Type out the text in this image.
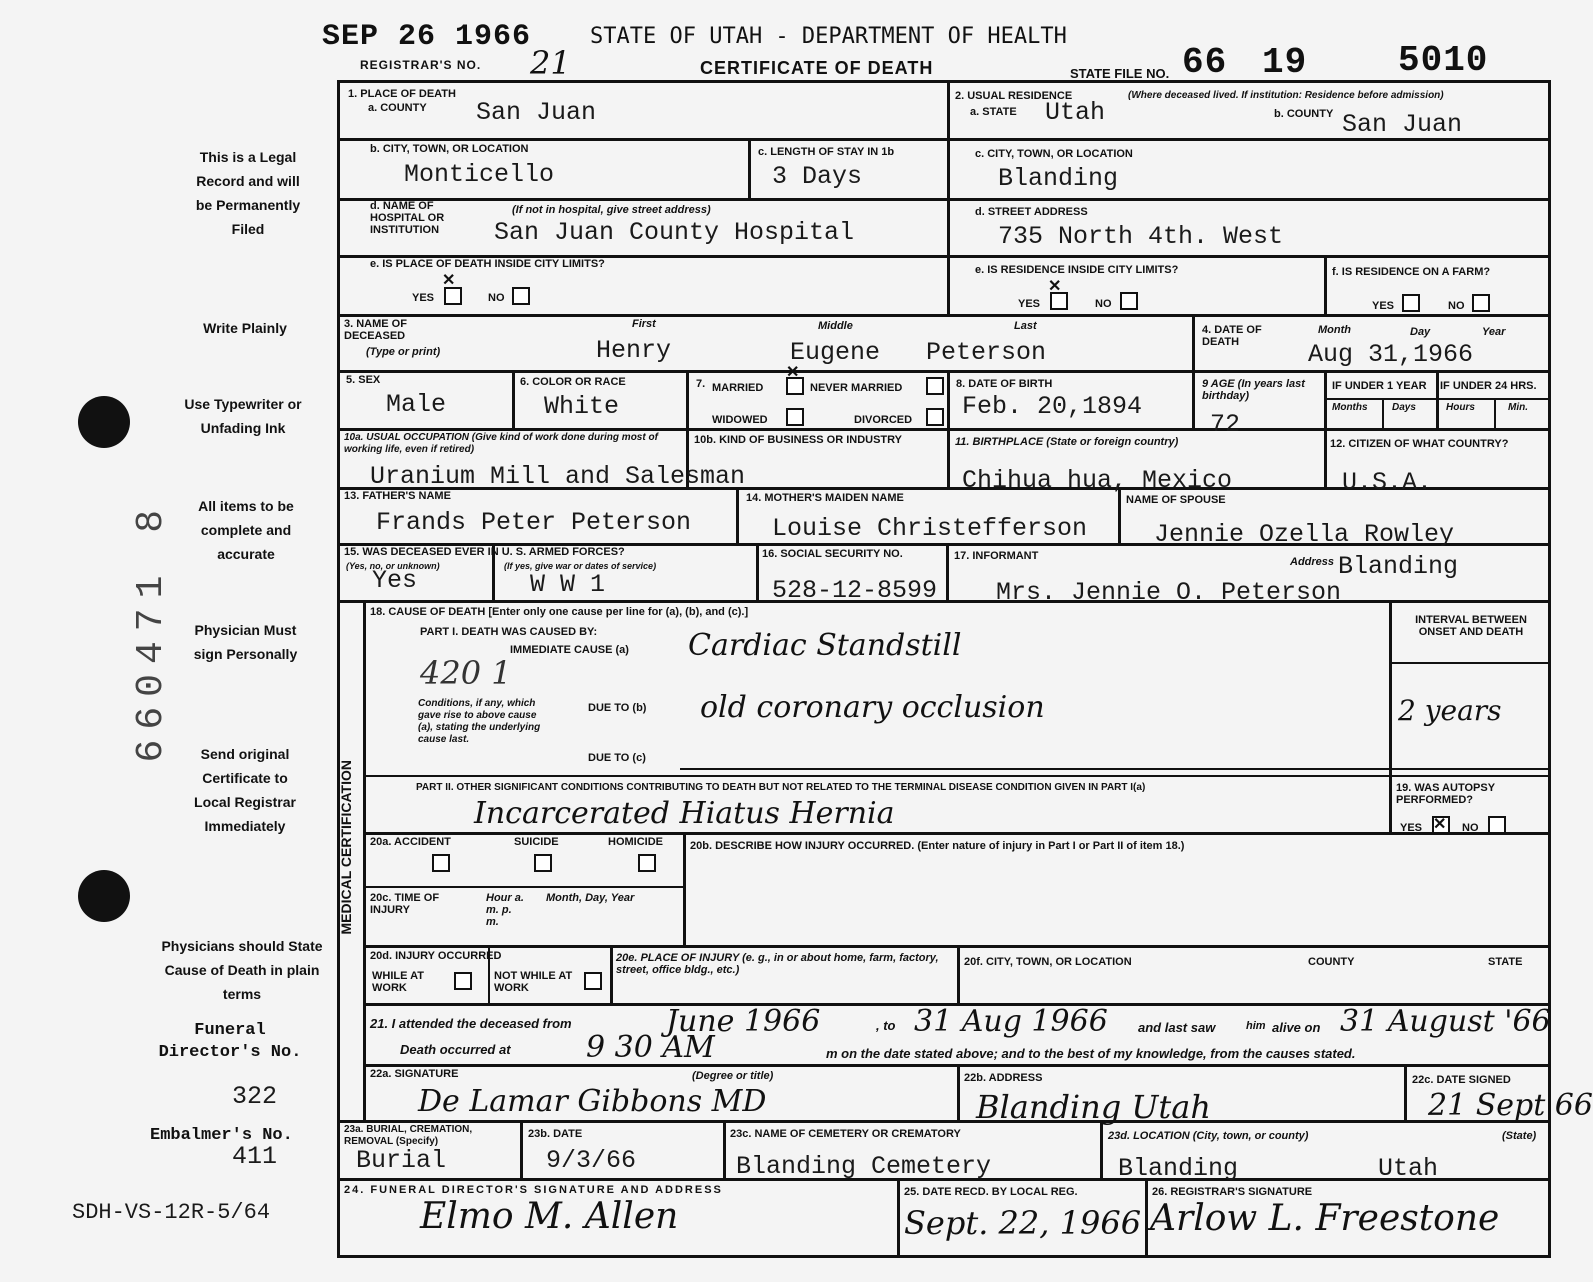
SEP 26 1966	STATE OF UTAH - DEPARTMENT OF HEALTH
REGISTRAR'S NO. 21	CERTIFICATE OF DEATH	STATE FILE NO. 66 19	5010
This is a Legal Record and will be Permanently Filed
Write Plainly
Use Typewriter or Unfading Ink
All items to be complete and accurate
Physician Must sign Personally
Send original Certificate to Local Registrar Immediately
Physicians should State Cause of Death in plain terms
Funeral Director's No.
322
Embalmer's No.
411
SDH-VS-12R-5/64
660471 8
1. PLACE OF DEATH
a. COUNTY San Juan
2. USUAL RESIDENCE	(Where deceased lived. If institution: Residence before admission)
a. STATE Utah	b. COUNTY San Juan
b. CITY, TOWN, OR LOCATION
Monticello
c. LENGTH OF STAY IN 1b
3 Days
c. CITY, TOWN, OR LOCATION
Blanding
d. NAME OF HOSPITAL OR INSTITUTION
(If not in hospital, give street address)
San Juan County Hospital
d. STREET ADDRESS
735 North 4th. West
e. IS PLACE OF DEATH INSIDE CITY LIMITS?
YES
✕
NO
e. IS RESIDENCE INSIDE CITY LIMITS?
YES
✕
NO
f. IS RESIDENCE ON A FARM?
YES	NO
3. NAME OF DECEASED
(Type or print)
First	Middle	Last
Henry	Eugene Peterson
4. DATE OF DEATH
Month	Day	Year
Aug 31,1966
5. SEX
Male
6. COLOR OR RACE
White
7. MARRIED
✕
NEVER MARRIED
WIDOWED	DIVORCED
8. DATE OF BIRTH
Feb. 20,1894
9 AGE (In years last birthday)
72
IF UNDER 1 YEAR IF UNDER 24 HRS.
Months Days	Hours	Min.
10a. USUAL OCCUPATION (Give kind of work done during most of working life, even if retired)
Uranium Mill and Salesman
10b. KIND OF BUSINESS OR INDUSTRY	11. BIRTHPLACE (State or foreign country)
Chihua hua, Mexico
12. CITIZEN OF WHAT COUNTRY?
U.S.A.
13. FATHER'S NAME
Frands Peter Peterson
14. MOTHER'S MAIDEN NAME
Louise Christefferson
NAME OF SPOUSE
Jennie Ozella Rowley
15. WAS DECEASED EVER IN U. S. ARMED FORCES?
(Yes, no, or unknown)	(If yes, give war or dates of service)
Yes	W W 1
16. SOCIAL SECURITY NO.
528-12-8599
17. INFORMANT	Address Blanding
Mrs. Jennie O. Peterson
MEDICAL CERTIFICATION
18. CAUSE OF DEATH [Enter only one cause per line for (a), (b), and (c).]
PART I. DEATH WAS CAUSED BY:
IMMEDIATE CAUSE (a) Cardiac Standstill
INTERVAL BETWEEN ONSET AND DEATH
420 1
Conditions, if any, which gave rise to above cause (a), stating the underlying cause last.
DUE TO (b) old coronary occlusion	2 years
DUE TO (c)
PART II. OTHER SIGNIFICANT CONDITIONS CONTRIBUTING TO DEATH BUT NOT RELATED TO THE TERMINAL DISEASE CONDITION GIVEN IN PART I(a)
Incarcerated Hiatus Hernia
19. WAS AUTOPSY PERFORMED?
YES ✕ NO
20a. ACCIDENT	SUICIDE	HOMICIDE 20b. DESCRIBE HOW INJURY OCCURRED. (Enter nature of injury in Part I or Part II of item 18.)
20c. TIME OF INJURY
Hour a. m. p. m.
Month, Day, Year
20d. INJURY OCCURRED
WHILE AT WORK
NOT WHILE AT WORK
20e. PLACE OF INJURY (e. g., in or about home, farm, factory, street, office bldg., etc.)
20f. CITY, TOWN, OR LOCATION	COUNTY	STATE
21. I attended the deceased from	June 1966	, to 31 Aug 1966 and last saw	him alive on 31 August '66
Death occurred at	9 30 AM	m on the date stated above; and to the best of my knowledge, from the causes stated.
22a. SIGNATURE	(Degree or title)
De Lamar Gibbons MD
22b. ADDRESS
Blanding Utah
22c. DATE SIGNED
21 Sept 66
23a. BURIAL, CREMATION, REMOVAL (Specify)
Burial
23b. DATE
9/3/66
23c. NAME OF CEMETERY OR CREMATORY
Blanding Cemetery
23d. LOCATION (City, town, or county)	(State)
Blanding	Utah
24. FUNERAL DIRECTOR'S SIGNATURE AND ADDRESS
Elmo M. Allen
25. DATE RECD. BY LOCAL REG.
Sept. 22, 1966
26. REGISTRAR'S SIGNATURE
Arlow L. Freestone
